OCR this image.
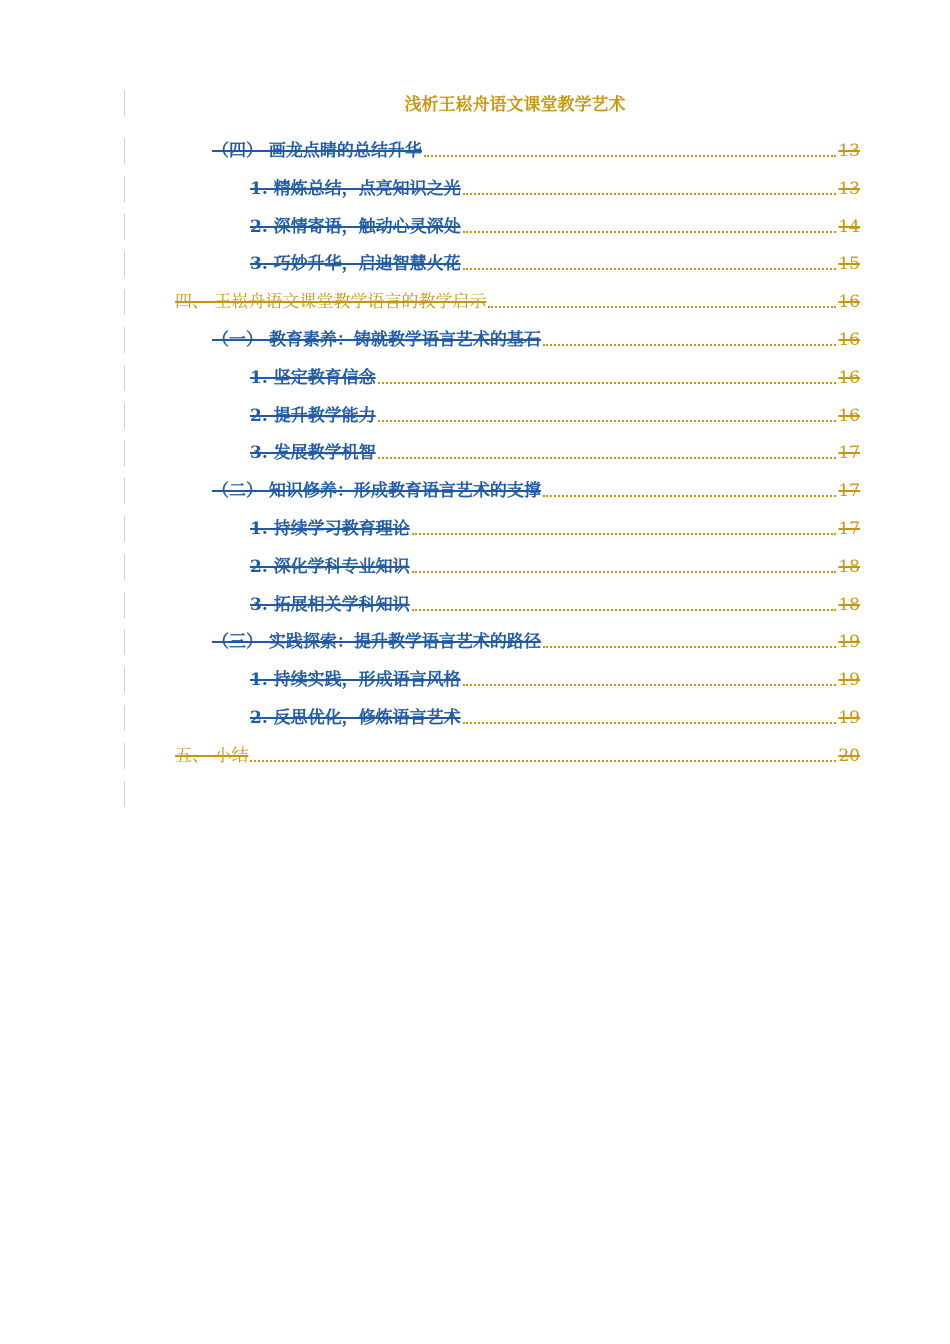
浅析王崧舟语文课堂教学艺术
（四） 画龙点睛的总结升华	13
1. 精炼总结，点亮知识之光	13
2. 深情寄语，触动心灵深处	14
3. 巧妙升华，启迪智慧火花	15
四、 王崧舟语文课堂教学语言的教学启示	16
（一） 教育素养：铸就教学语言艺术的基石	16
1. 坚定教育信念	16
2. 提升教学能力	16
3. 发展教学机智	17
（二） 知识修养：形成教育语言艺术的支撑	17
1. 持续学习教育理论	17
2. 深化学科专业知识	18
3. 拓展相关学科知识	18
（三） 实践探索：提升教学语言艺术的路径	19
1. 持续实践，形成语言风格	19
2. 反思优化，修炼语言艺术	19
五、 小结	20
